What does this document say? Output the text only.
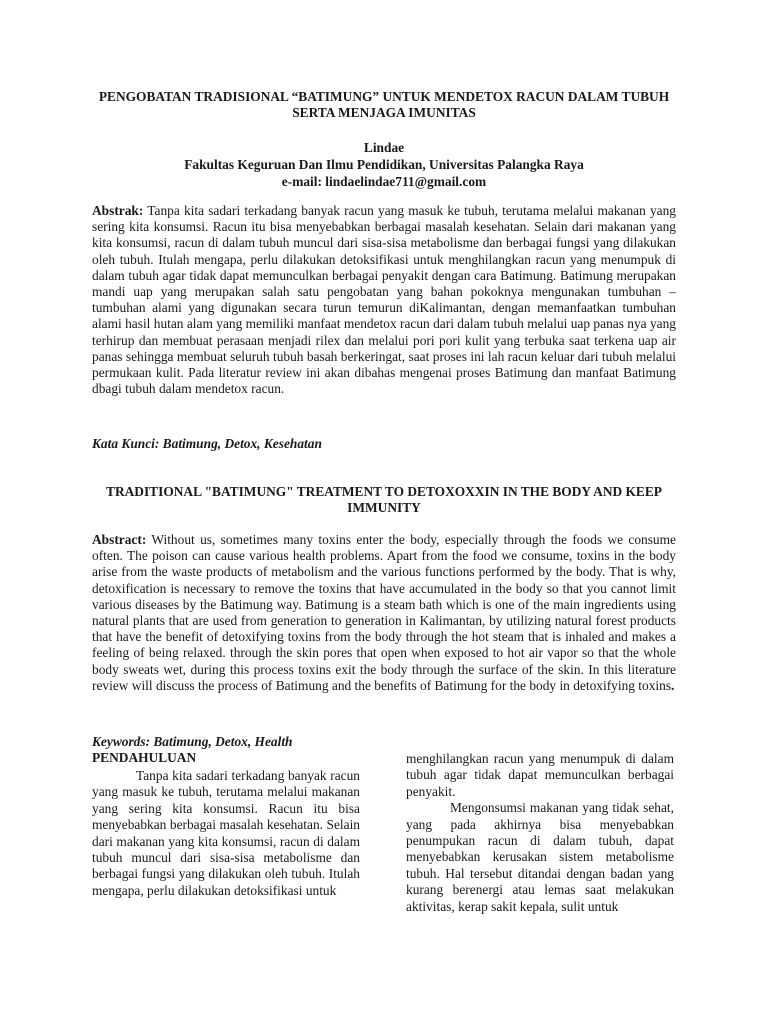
PENGOBATAN TRADISIONAL “BATIMUNG” UNTUK MENDETOX RACUN DALAM TUBUH SERTA MENJAGA IMUNITAS
Lindae
Fakultas Keguruan Dan Ilmu Pendidikan, Universitas Palangka Raya
e-mail: lindaelindae711@gmail.com
Abstrak: Tanpa kita sadari terkadang banyak racun yang masuk ke tubuh, terutama melalui makanan yang sering kita konsumsi. Racun itu bisa menyebabkan berbagai masalah kesehatan. Selain dari makanan yang kita konsumsi, racun di dalam tubuh muncul dari sisa-sisa metabolisme dan berbagai fungsi yang dilakukan oleh tubuh. Itulah mengapa, perlu dilakukan detoksifikasi untuk menghilangkan racun yang menumpuk di dalam tubuh agar tidak dapat memunculkan berbagai penyakit dengan cara Batimung. Batimung merupakan mandi uap yang merupakan salah satu pengobatan yang bahan pokoknya mengunakan tumbuhan – tumbuhan alami yang digunakan secara turun temurun diKalimantan, dengan memanfaatkan tumbuhan alami hasil hutan alam yang memiliki manfaat mendetox racun dari dalam tubuh melalui uap panas nya yang terhirup dan membuat perasaan menjadi rilex dan melalui pori pori kulit yang terbuka saat terkena uap air panas sehingga membuat seluruh tubuh basah berkeringat, saat proses ini lah racun keluar dari tubuh melalui permukaan kulit. Pada literatur review ini akan dibahas mengenai proses Batimung dan manfaat Batimung dbagi tubuh dalam mendetox racun.
Kata Kunci: Batimung, Detox, Kesehatan
TRADITIONAL "BATIMUNG" TREATMENT TO DETOXOXXIN IN THE BODY AND KEEP IMMUNITY
Abstract: Without us, sometimes many toxins enter the body, especially through the foods we consume often. The poison can cause various health problems. Apart from the food we consume, toxins in the body arise from the waste products of metabolism and the various functions performed by the body. That is why, detoxification is necessary to remove the toxins that have accumulated in the body so that you cannot limit various diseases by the Batimung way. Batimung is a steam bath which is one of the main ingredients using natural plants that are used from generation to generation in Kalimantan, by utilizing natural forest products that have the benefit of detoxifying toxins from the body through the hot steam that is inhaled and makes a feeling of being relaxed. through the skin pores that open when exposed to hot air vapor so that the whole body sweats wet, during this process toxins exit the body through the surface of the skin. In this literature review will discuss the process of Batimung and the benefits of Batimung for the body in detoxifying toxins.
Keywords: Batimung, Detox, Health
PENDAHULUAN

Tanpa kita sadari terkadang banyak racun yang masuk ke tubuh, terutama melalui makanan yang sering kita konsumsi. Racun itu bisa menyebabkan berbagai masalah kesehatan. Selain dari makanan yang kita konsumsi, racun di dalam tubuh muncul dari sisa-sisa metabolisme dan berbagai fungsi yang dilakukan oleh tubuh. Itulah mengapa, perlu dilakukan detoksifikasi untuk

menghilangkan racun yang menumpuk di dalam tubuh agar tidak dapat memunculkan berbagai penyakit.

Mengonsumsi makanan yang tidak sehat, yang pada akhirnya bisa menyebabkan penumpukan racun di dalam tubuh, dapat menyebabkan kerusakan sistem metabolisme tubuh. Hal tersebut ditandai dengan badan yang kurang berenergi atau lemas saat melakukan aktivitas, kerap sakit kepala, sulit untuk
